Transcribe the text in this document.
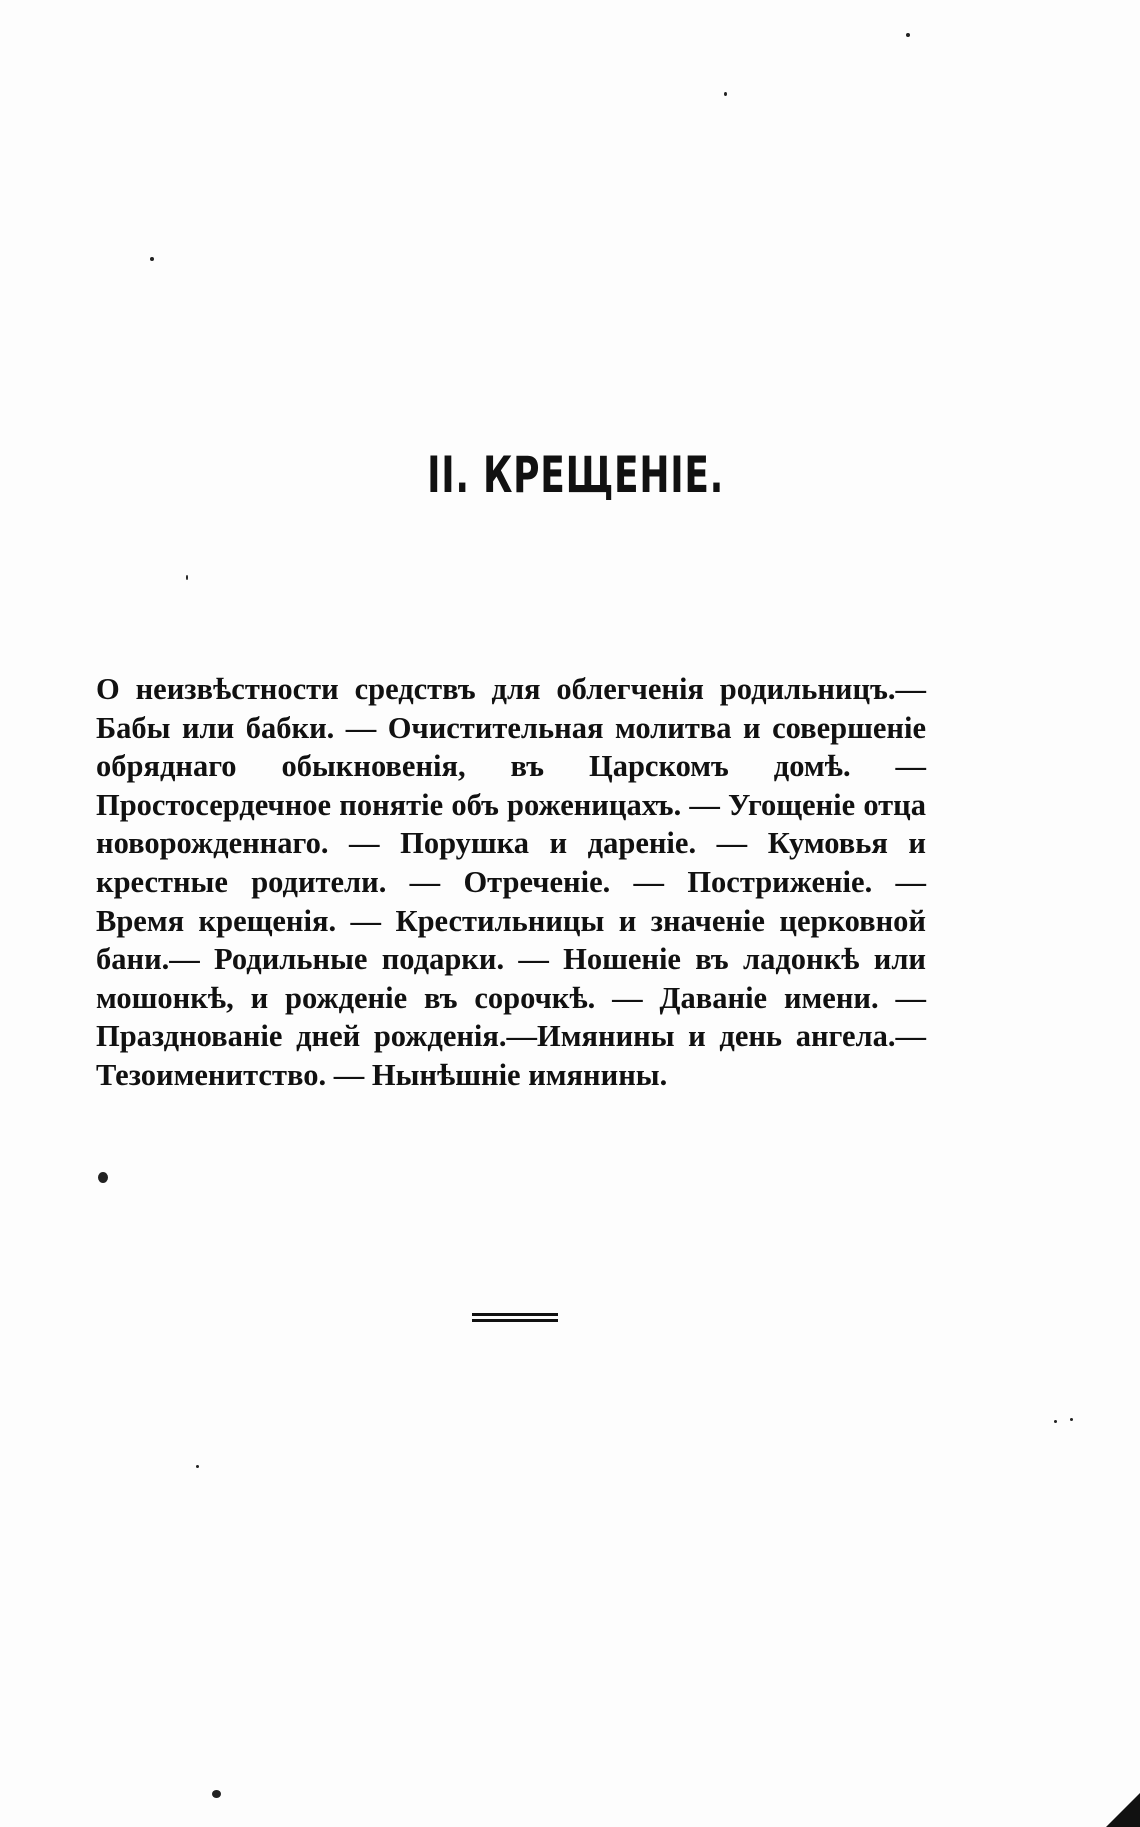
II. КРЕЩЕНІЕ.

О неизвѣстности средствъ для облегченія родильницъ.— Бабы или бабки. — Очистительная молитва и совершеніе обряднаго обыкновенія, въ Царскомъ домѣ. — Простосердечное понятіе объ роженицахъ. — Угощеніе отца новорожденнаго. — Порушка и дареніе. — Кумовья и крестные родители. — Отреченіе. — Постриженіе. — Время крещенія. — Крестильницы и значеніе церковной бани.— Родильные подарки. — Ношеніе въ ладонкѣ или мошонкѣ, и рожденіе въ сорочкѣ. — Даваніе имени. — Празднованіе дней рожденія.—Имянины и день ангела.— Тезоименитство. — Нынѣшніе имянины.
